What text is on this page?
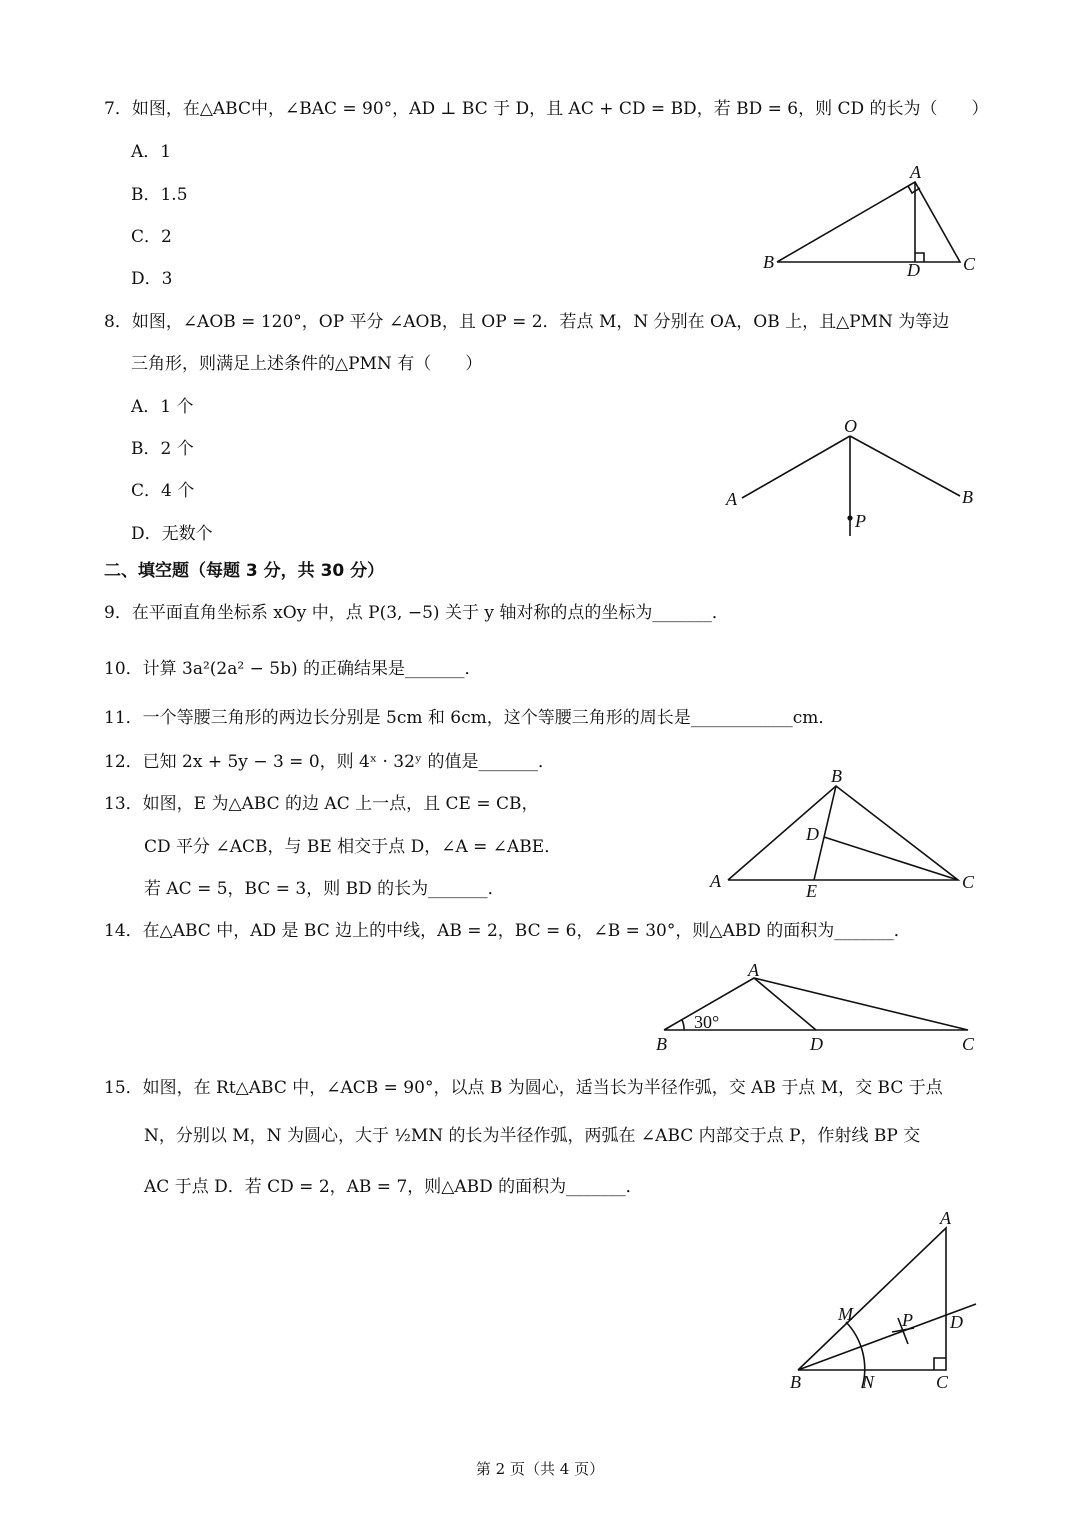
7．如图，在△ABC中，∠BAC = 90°，AD ⊥ BC 于 D，且 AC + CD = BD，若 BD = 6，则 CD 的长为（　　）
A．1
B．1.5
C．2
D．3
A
B	C
D
8．如图，∠AOB = 120°，OP 平分 ∠AOB，且 OP = 2．若点 M，N 分别在 OA，OB 上，且△PMN 为等边
三角形，则满足上述条件的△PMN 有（　　）
A．1 个
B．2 个
C．4 个
D．无数个
O
A	B
P
二、填空题（每题 3 分，共 30 分）
9．在平面直角坐标系 xOy 中，点 P(3, −5) 关于 y 轴对称的点的坐标为_______．
10．计算 3a²(2a² − 5b) 的正确结果是_______．
11．一个等腰三角形的两边长分别是 5cm 和 6cm，这个等腰三角形的周长是____________cm．
12．已知 2x + 5y − 3 = 0，则 4ˣ · 32ʸ 的值是_______．
13．如图，E 为△ABC 的边 AC 上一点，且 CE = CB，
CD 平分 ∠ACB，与 BE 相交于点 D，∠A = ∠ABE．
若 AC = 5，BC = 3，则 BD 的长为_______．
B
A	C
D
E
14．在△ABC 中，AD 是 BC 边上的中线，AB = 2，BC = 6，∠B = 30°，则△ABD 的面积为_______．
A
B	D	C
30°
15．如图，在 Rt△ABC 中，∠ACB = 90°，以点 B 为圆心，适当长为半径作弧，交 AB 于点 M，交 BC 于点
N，分别以 M，N 为圆心，大于 ½MN 的长为半径作弧，两弧在 ∠ABC 内部交于点 P，作射线 BP 交
AC 于点 D．若 CD = 2，AB = 7，则△ABD 的面积为_______．
A
B	C
D
M
N
P
第 2 页（共 4 页）
